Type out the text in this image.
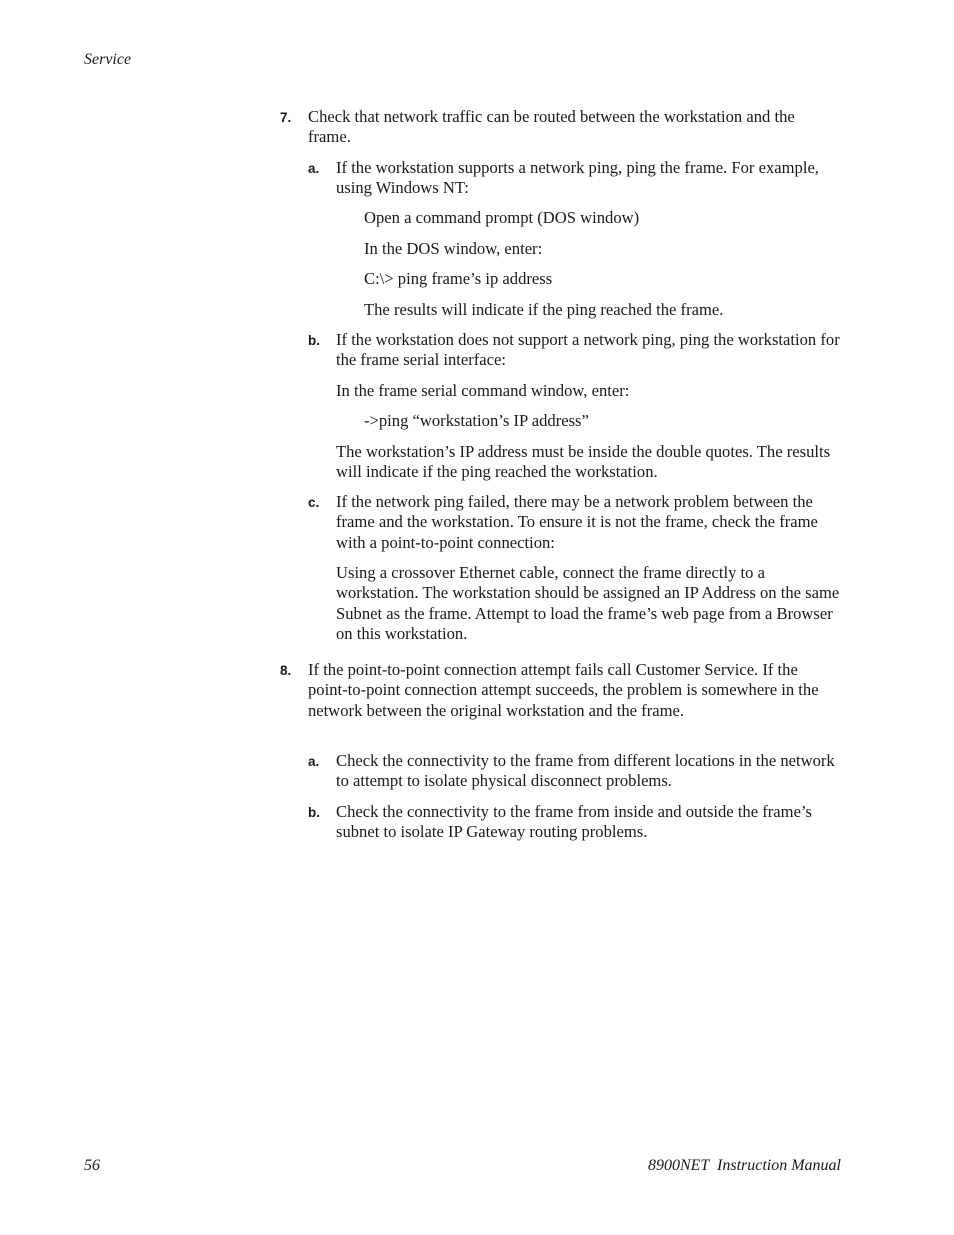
Service
7. Check that network traffic can be routed between the workstation and the frame.
a. If the workstation supports a network ping, ping the frame. For example, using Windows NT:
Open a command prompt (DOS window)
In the DOS window, enter:
C:\> ping frame’s ip address
The results will indicate if the ping reached the frame.
b. If the workstation does not support a network ping, ping the workstation for the frame serial interface:
In the frame serial command window, enter:
->ping “workstation’s IP address”
The workstation’s IP address must be inside the double quotes. The results will indicate if the ping reached the workstation.
c. If the network ping failed, there may be a network problem between the frame and the workstation. To ensure it is not the frame, check the frame with a point-to-point connection:
Using a crossover Ethernet cable, connect the frame directly to a workstation. The workstation should be assigned an IP Address on the same Subnet as the frame. Attempt to load the frame’s web page from a Browser on this workstation.
8. If the point-to-point connection attempt fails call Customer Service. If the point-to-point connection attempt succeeds, the problem is somewhere in the network between the original workstation and the frame.
a. Check the connectivity to the frame from different locations in the network to attempt to isolate physical disconnect problems.
b. Check the connectivity to the frame from inside and outside the frame’s subnet to isolate IP Gateway routing problems.
56	8900NET  Instruction Manual
